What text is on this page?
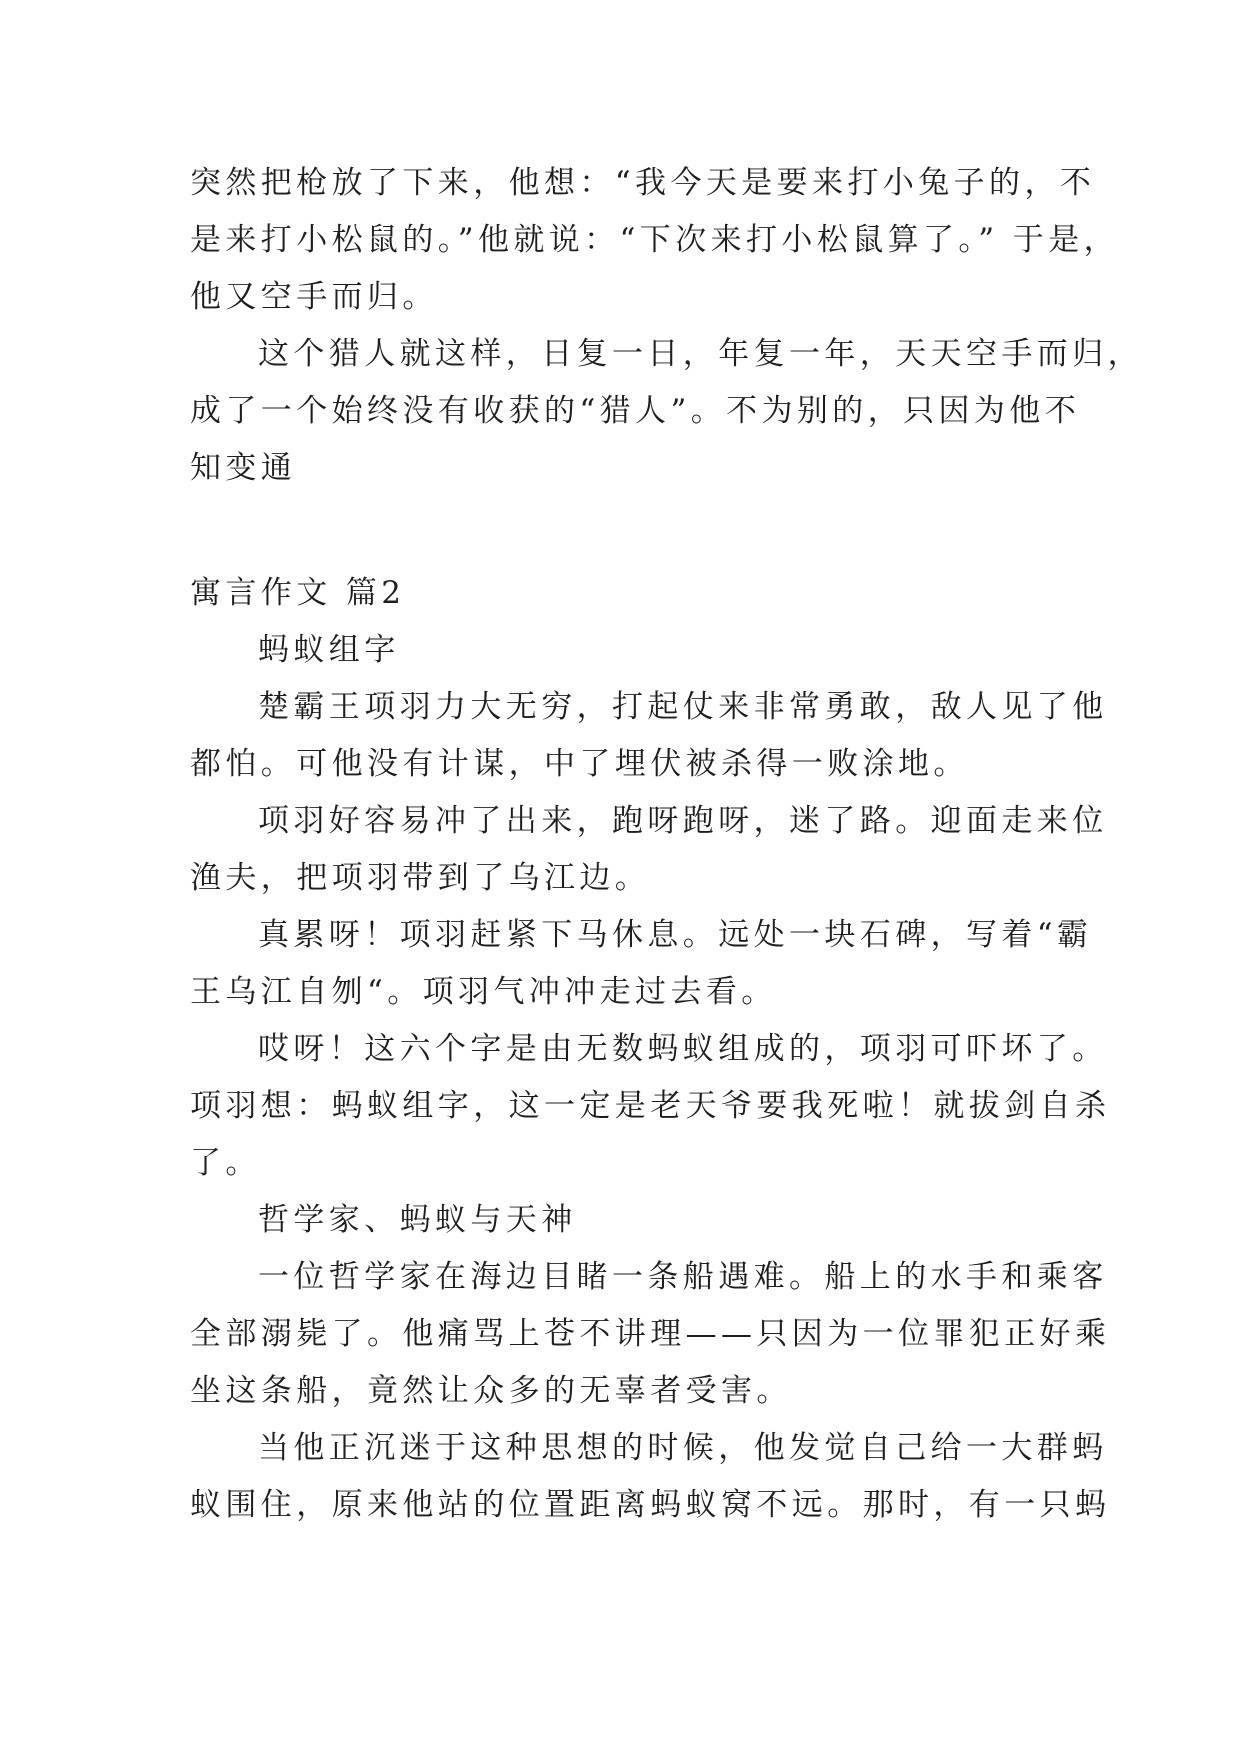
突然把枪放了下来，他想：“我今天是要来打小兔子的，不
是来打小松鼠的。”他就说：“下次来打小松鼠算了。” 于是，
他又空手而归。
这个猎人就这样，日复一日，年复一年，天天空手而归，
成了一个始终没有收获的“猎人”。不为别的，只因为他不
知变通
寓言作文 篇2
蚂蚁组字
楚霸王项羽力大无穷，打起仗来非常勇敢，敌人见了他
都怕。可他没有计谋，中了埋伏被杀得一败涂地。
项羽好容易冲了出来，跑呀跑呀，迷了路。迎面走来位
渔夫，把项羽带到了乌江边。
真累呀！项羽赶紧下马休息。远处一块石碑，写着“霸
王乌江自刎“。项羽气冲冲走过去看。
哎呀！这六个字是由无数蚂蚁组成的，项羽可吓坏了。
项羽想：蚂蚁组字，这一定是老天爷要我死啦！就拔剑自杀
了。
哲学家、蚂蚁与天神
一位哲学家在海边目睹一条船遇难。船上的水手和乘客
全部溺毙了。他痛骂上苍不讲理——只因为一位罪犯正好乘
坐这条船，竟然让众多的无辜者受害。
当他正沉迷于这种思想的时候，他发觉自己给一大群蚂
蚁围住，原来他站的位置距离蚂蚁窝不远。那时，有一只蚂
